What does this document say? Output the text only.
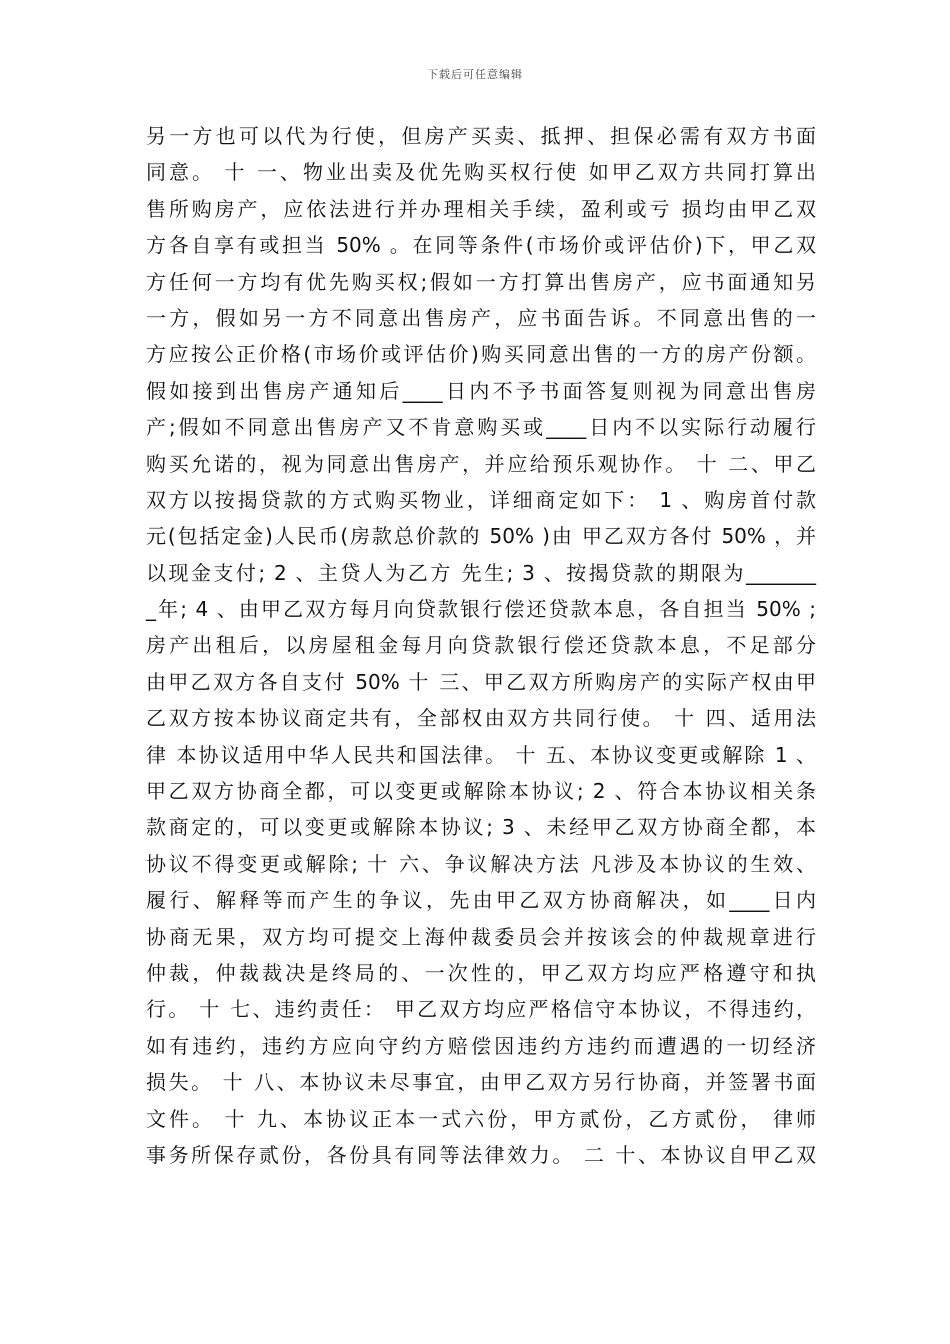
下载后可任意编辑
另一方也可以代为行使，但房产买卖、抵押、担保必需有双方书面
同意。 十 一、物业出卖及优先购买权行使 如甲乙双方共同打算出
售所购房产，应依法进行并办理相关手续，盈利或亏 损均由甲乙双
方各自享有或担当 50% 。在同等条件(市场价或评估价)下，甲乙双
方任何一方均有优先购买权;假如一方打算出售房产，应书面通知另
一方，假如另一方不同意出售房产，应书面告诉。不同意出售的一
方应按公正价格(市场价或评估价)购买同意出售的一方的房产份额。
假如接到出售房产通知后____日内不予书面答复则视为同意出售房
产;假如不同意出售房产又不肯意购买或____日内不以实际行动履行
购买允诺的，视为同意出售房产，并应给预乐观协作。 十 二、甲乙
双方以按揭贷款的方式购买物业，详细商定如下： 1 、购房首付款
元(包括定金)人民币(房款总价款的 50% )由 甲乙双方各付 50% ，并
以现金支付; 2 、主贷人为乙方 先生; 3 、按揭贷款的期限为_______
_年; 4 、由甲乙双方每月向贷款银行偿还贷款本息，各自担当 50% ;
房产出租后，以房屋租金每月向贷款银行偿还贷款本息，不足部分
由甲乙双方各自支付 50% 十 三、甲乙双方所购房产的实际产权由甲
乙双方按本协议商定共有，全部权由双方共同行使。 十 四、适用法
律 本协议适用中华人民共和国法律。 十 五、本协议变更或解除 1 、
甲乙双方协商全都，可以变更或解除本协议; 2 、符合本协议相关条
款商定的，可以变更或解除本协议; 3 、未经甲乙双方协商全都，本
协议不得变更或解除; 十 六、争议解决方法 凡涉及本协议的生效、
履行、解释等而产生的争议，先由甲乙双方协商解决，如____日内
协商无果，双方均可提交上海仲裁委员会并按该会的仲裁规章进行
仲裁，仲裁裁决是终局的、一次性的，甲乙双方均应严格遵守和执
行。 十 七、违约责任： 甲乙双方均应严格信守本协议，不得违约，
如有违约，违约方应向守约方赔偿因违约方违约而遭遇的一切经济
损失。 十 八、本协议未尽事宜，由甲乙双方另行协商，并签署书面
文件。 十 九、本协议正本一式六份，甲方贰份，乙方贰份， 律师
事务所保存贰份，各份具有同等法律效力。 二 十、本协议自甲乙双
